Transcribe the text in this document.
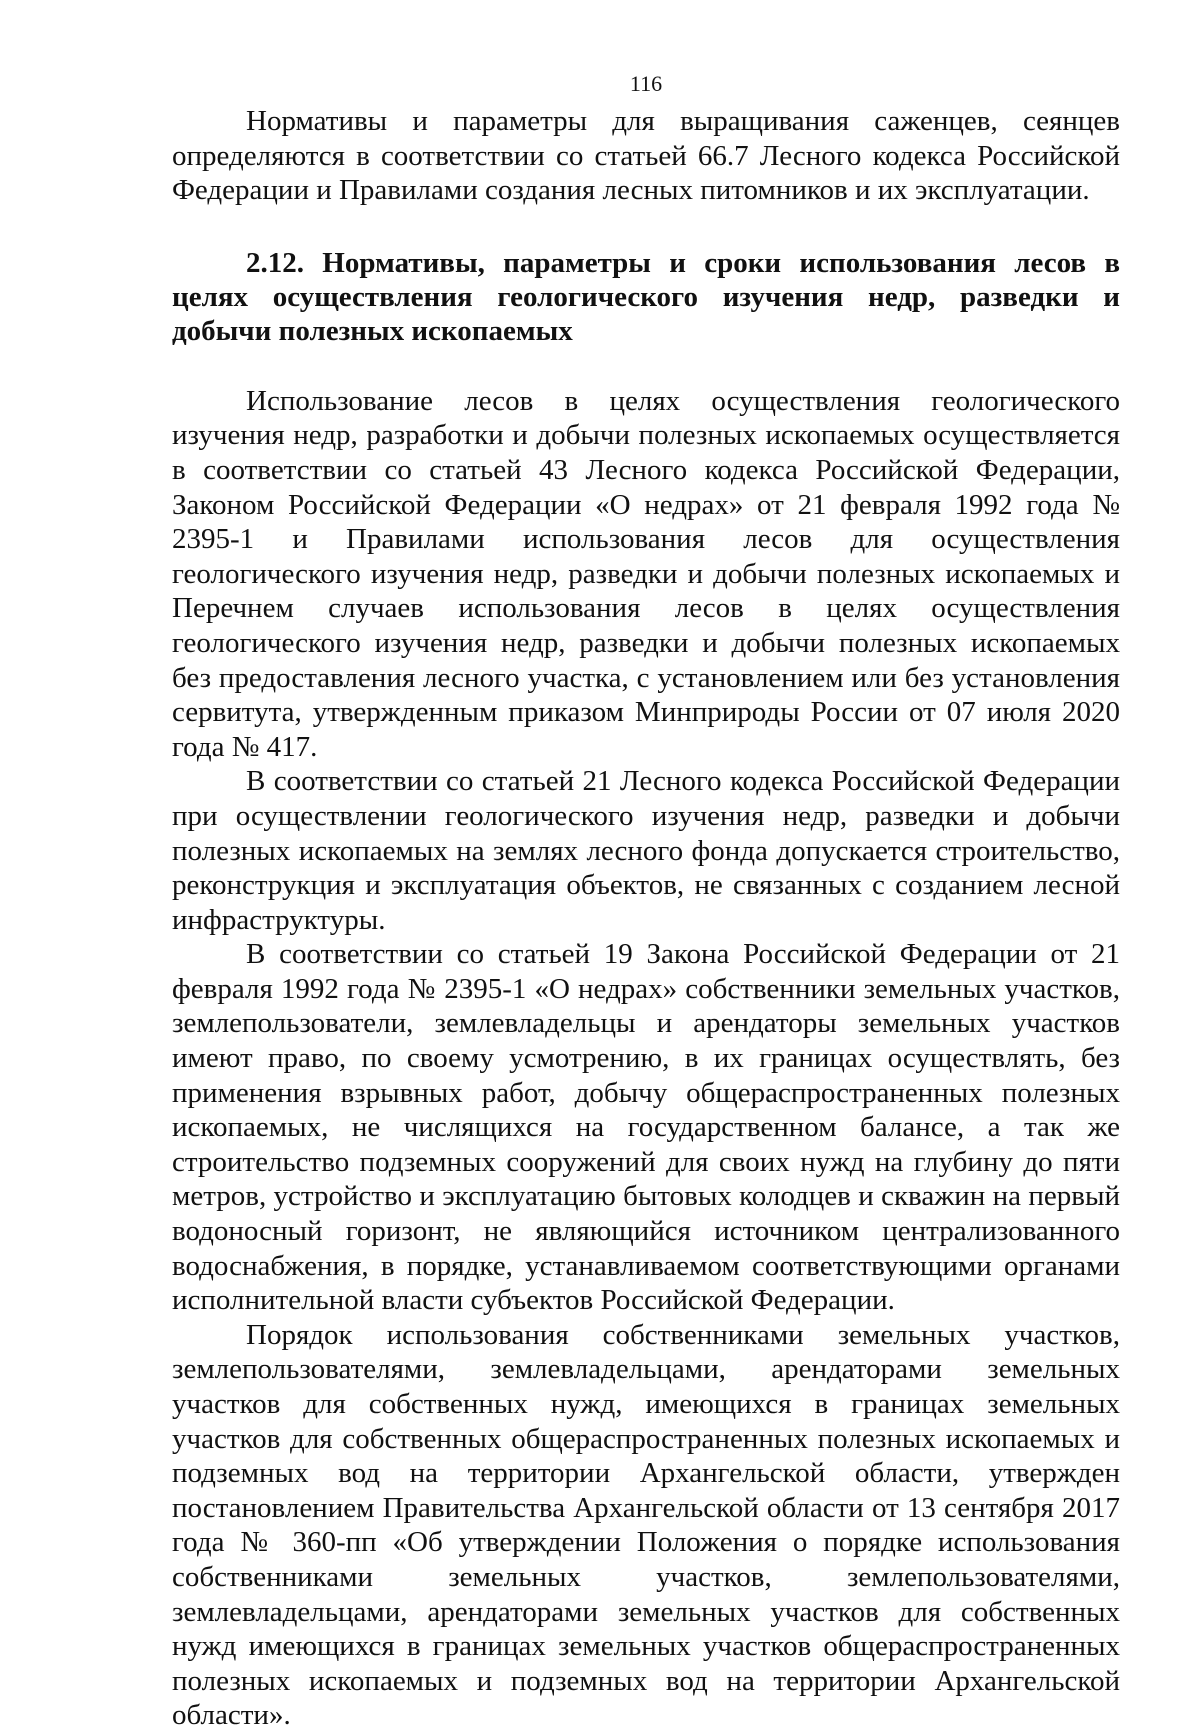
116

Нормативы и параметры для выращивания саженцев, сеянцев определяются в соответствии со статьей 66.7 Лесного кодекса Российской Федерации и Правилами создания лесных питомников и их эксплуатации.

2.12. Нормативы, параметры и сроки использования лесов в целях осуществления геологического изучения недр, разведки и добычи полезных ископаемых

Использование лесов в целях осуществления геологического изучения недр, разработки и добычи полезных ископаемых осуществляется в соответствии со статьей 43 Лесного кодекса Российской Федерации, Законом Российской Федерации «О недрах» от 21 февраля 1992 года № 2395-1 и Правилами использования лесов для осуществления геологического изучения недр, разведки и добычи полезных ископаемых и Перечнем случаев использования лесов в целях осуществления геологического изучения недр, разведки и добычи полезных ископаемых без предоставления лесного участка, с установлением или без установления сервитута, утвержденным приказом Минприроды России от 07 июля 2020 года № 417.

В соответствии со статьей 21 Лесного кодекса Российской Федерации при осуществлении геологического изучения недр, разведки и добычи полезных ископаемых на землях лесного фонда допускается строительство, реконструкция и эксплуатация объектов, не связанных с созданием лесной инфраструктуры.

В соответствии со статьей 19 Закона Российской Федерации от 21 февраля 1992 года № 2395-1 «О недрах» собственники земельных участков, землепользователи, землевладельцы и арендаторы земельных участков имеют право, по своему усмотрению, в их границах осуществлять, без применения взрывных работ, добычу общераспространенных полезных ископаемых, не числящихся на государственном балансе, а так же строительство подземных сооружений для своих нужд на глубину до пяти метров, устройство и эксплуатацию бытовых колодцев и скважин на первый водоносный горизонт, не являющийся источником централизованного водоснабжения, в порядке, устанавливаемом соответствующими органами исполнительной власти субъектов Российской Федерации.

Порядок использования собственниками земельных участков, землепользователями, землевладельцами, арендаторами земельных участков для собственных нужд, имеющихся в границах земельных участков для собственных общераспространенных полезных ископаемых и подземных вод на территории Архангельской области, утвержден постановлением Правительства Архангельской области от 13 сентября 2017 года № 360-пп «Об утверждении Положения о порядке использования собственниками земельных участков, землепользователями, землевладельцами, арендаторами земельных участков для собственных нужд имеющихся в границах земельных участков общераспространенных полезных ископаемых и подземных вод на территории Архангельской области».
